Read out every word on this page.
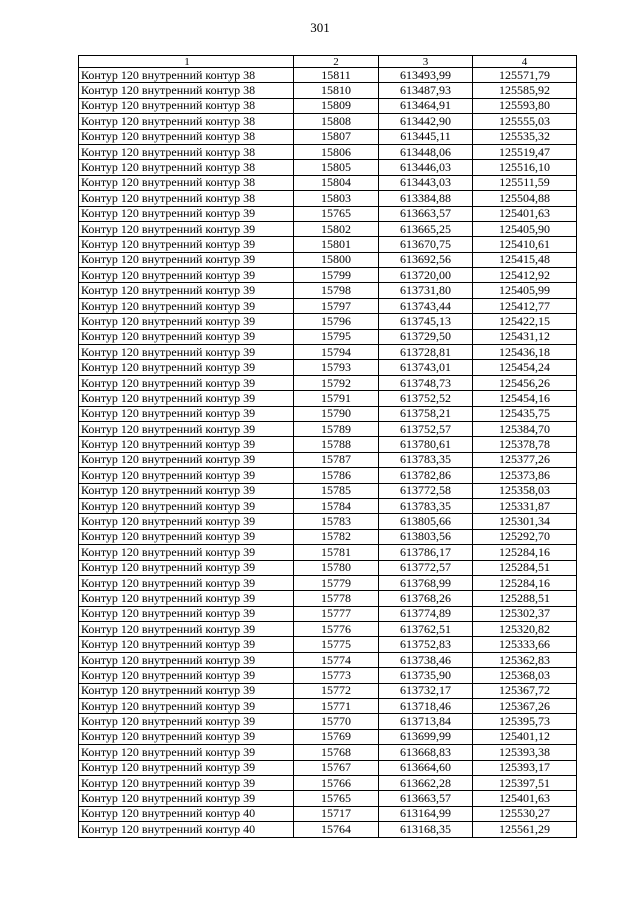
301
1	2	3	4
Контур 120 внутренний контур 38	15811	613493,99	125571,79
Контур 120 внутренний контур 38	15810	613487,93	125585,92
Контур 120 внутренний контур 38	15809	613464,91	125593,80
Контур 120 внутренний контур 38	15808	613442,90	125555,03
Контур 120 внутренний контур 38	15807	613445,11	125535,32
Контур 120 внутренний контур 38	15806	613448,06	125519,47
Контур 120 внутренний контур 38	15805	613446,03	125516,10
Контур 120 внутренний контур 38	15804	613443,03	125511,59
Контур 120 внутренний контур 38	15803	613384,88	125504,88
Контур 120 внутренний контур 39	15765	613663,57	125401,63
Контур 120 внутренний контур 39	15802	613665,25	125405,90
Контур 120 внутренний контур 39	15801	613670,75	125410,61
Контур 120 внутренний контур 39	15800	613692,56	125415,48
Контур 120 внутренний контур 39	15799	613720,00	125412,92
Контур 120 внутренний контур 39	15798	613731,80	125405,99
Контур 120 внутренний контур 39	15797	613743,44	125412,77
Контур 120 внутренний контур 39	15796	613745,13	125422,15
Контур 120 внутренний контур 39	15795	613729,50	125431,12
Контур 120 внутренний контур 39	15794	613728,81	125436,18
Контур 120 внутренний контур 39	15793	613743,01	125454,24
Контур 120 внутренний контур 39	15792	613748,73	125456,26
Контур 120 внутренний контур 39	15791	613752,52	125454,16
Контур 120 внутренний контур 39	15790	613758,21	125435,75
Контур 120 внутренний контур 39	15789	613752,57	125384,70
Контур 120 внутренний контур 39	15788	613780,61	125378,78
Контур 120 внутренний контур 39	15787	613783,35	125377,26
Контур 120 внутренний контур 39	15786	613782,86	125373,86
Контур 120 внутренний контур 39	15785	613772,58	125358,03
Контур 120 внутренний контур 39	15784	613783,35	125331,87
Контур 120 внутренний контур 39	15783	613805,66	125301,34
Контур 120 внутренний контур 39	15782	613803,56	125292,70
Контур 120 внутренний контур 39	15781	613786,17	125284,16
Контур 120 внутренний контур 39	15780	613772,57	125284,51
Контур 120 внутренний контур 39	15779	613768,99	125284,16
Контур 120 внутренний контур 39	15778	613768,26	125288,51
Контур 120 внутренний контур 39	15777	613774,89	125302,37
Контур 120 внутренний контур 39	15776	613762,51	125320,82
Контур 120 внутренний контур 39	15775	613752,83	125333,66
Контур 120 внутренний контур 39	15774	613738,46	125362,83
Контур 120 внутренний контур 39	15773	613735,90	125368,03
Контур 120 внутренний контур 39	15772	613732,17	125367,72
Контур 120 внутренний контур 39	15771	613718,46	125367,26
Контур 120 внутренний контур 39	15770	613713,84	125395,73
Контур 120 внутренний контур 39	15769	613699,99	125401,12
Контур 120 внутренний контур 39	15768	613668,83	125393,38
Контур 120 внутренний контур 39	15767	613664,60	125393,17
Контур 120 внутренний контур 39	15766	613662,28	125397,51
Контур 120 внутренний контур 39	15765	613663,57	125401,63
Контур 120 внутренний контур 40	15717	613164,99	125530,27
Контур 120 внутренний контур 40	15764	613168,35	125561,29
